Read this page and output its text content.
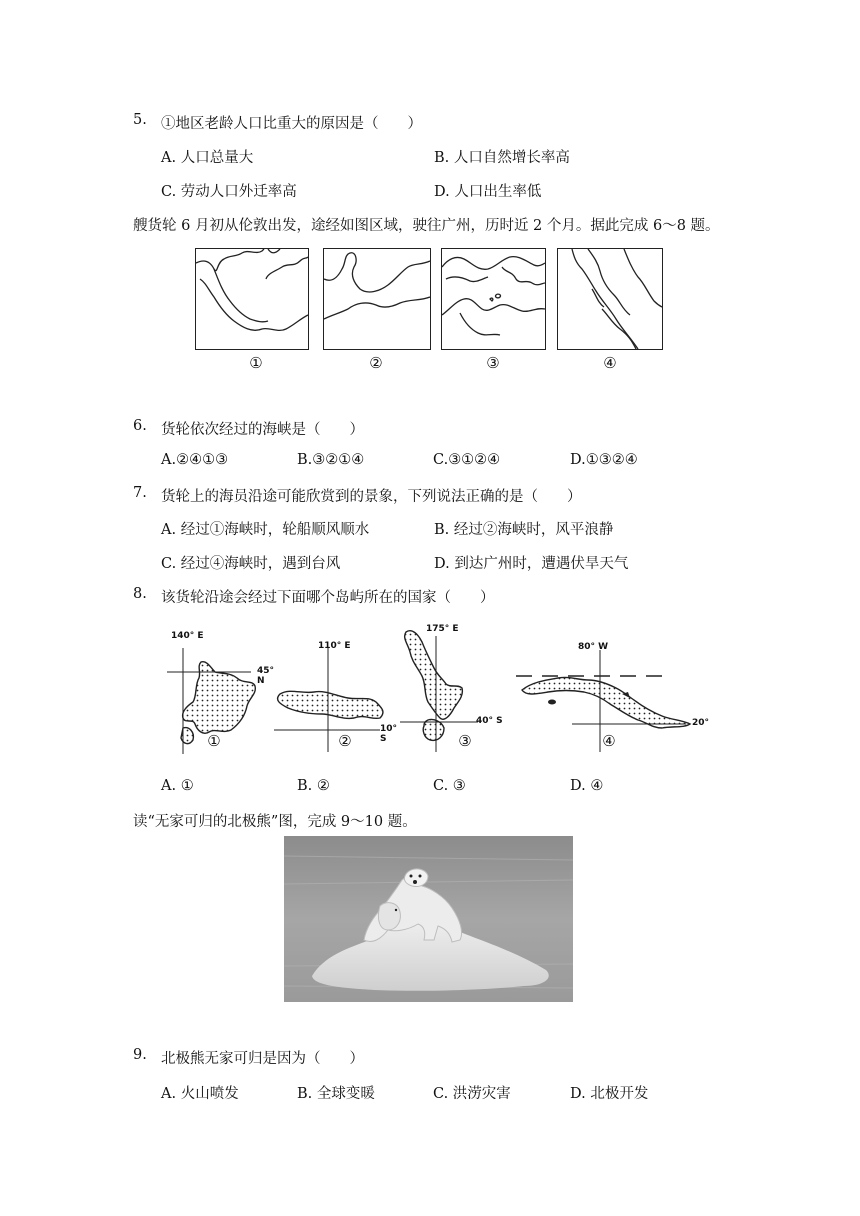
5. ①地区老龄人口比重大的原因是（　　）
A. 人口总量大	B. 人口自然增长率高
C. 劳动人口外迁率高	D. 人口出生率低
艘货轮 6 月初从伦敦出发，途经如图区域，驶往广州，历时近 2 个月。据此完成 6～8 题。
①	②	③	④
6. 货轮依次经过的海峡是（　　）
A.②④①③	B.③②①④	C.③①②④	D.①③②④
7. 货轮上的海员沿途可能欣赏到的景象，下列说法正确的是（　　）
A. 经过①海峡时，轮船顺风顺水	B. 经过②海峡时，风平浪静
C. 经过④海峡时，遇到台风	D. 到达广州时，遭遇伏旱天气
8. 该货轮沿途会经过下面哪个岛屿所在的国家（　　）
140° E
45° N
①
110° E
10° S
②
175° E
40° S
③
80° W
20°
④
A. ①	B. ②	C. ③	D. ④
读“无家可归的北极熊”图，完成 9～10 题。
9. 北极熊无家可归是因为（　　）
A. 火山喷发	B. 全球变暖	C. 洪涝灾害	D. 北极开发
